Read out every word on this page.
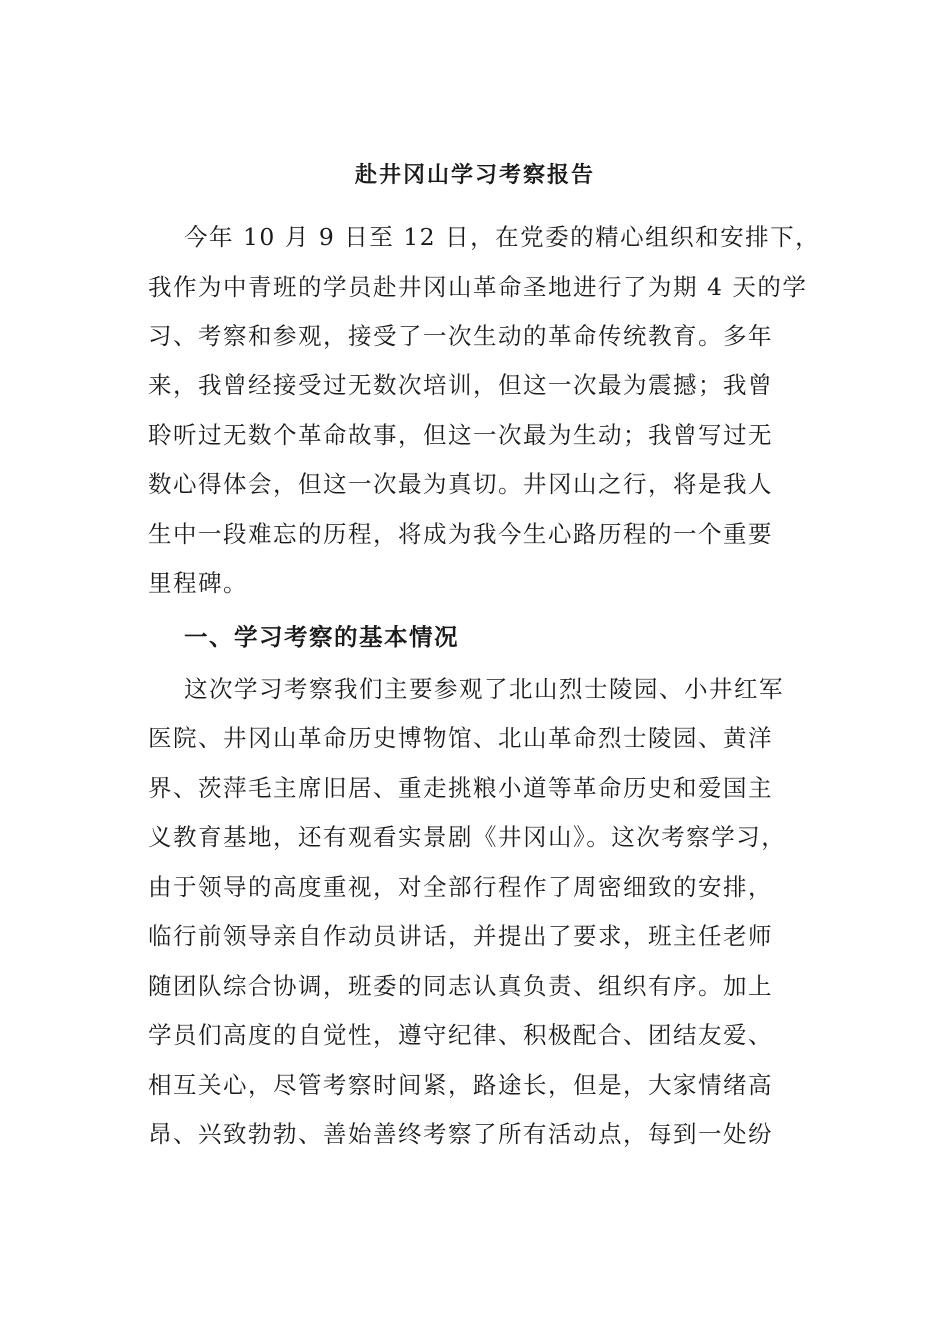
赴井冈山学习考察报告
今年 10 月 9 日至 12 日，在党委的精心组织和安排下，
我作为中青班的学员赴井冈山革命圣地进行了为期 4 天的学
习、考察和参观，接受了一次生动的革命传统教育。多年
来，我曾经接受过无数次培训，但这一次最为震撼；我曾
聆听过无数个革命故事，但这一次最为生动；我曾写过无
数心得体会，但这一次最为真切。井冈山之行，将是我人
生中一段难忘的历程，将成为我今生心路历程的一个重要
里程碑。
一、学习考察的基本情况
这次学习考察我们主要参观了北山烈士陵园、小井红军
医院、井冈山革命历史博物馆、北山革命烈士陵园、黄洋
界、茨萍毛主席旧居、重走挑粮小道等革命历史和爱国主
义教育基地，还有观看实景剧《井冈山》。这次考察学习，
由于领导的高度重视，对全部行程作了周密细致的安排，
临行前领导亲自作动员讲话，并提出了要求，班主任老师
随团队综合协调，班委的同志认真负责、组织有序。加上
学员们高度的自觉性，遵守纪律、积极配合、团结友爱、
相互关心，尽管考察时间紧，路途长，但是，大家情绪高
昂、兴致勃勃、善始善终考察了所有活动点，每到一处纷
